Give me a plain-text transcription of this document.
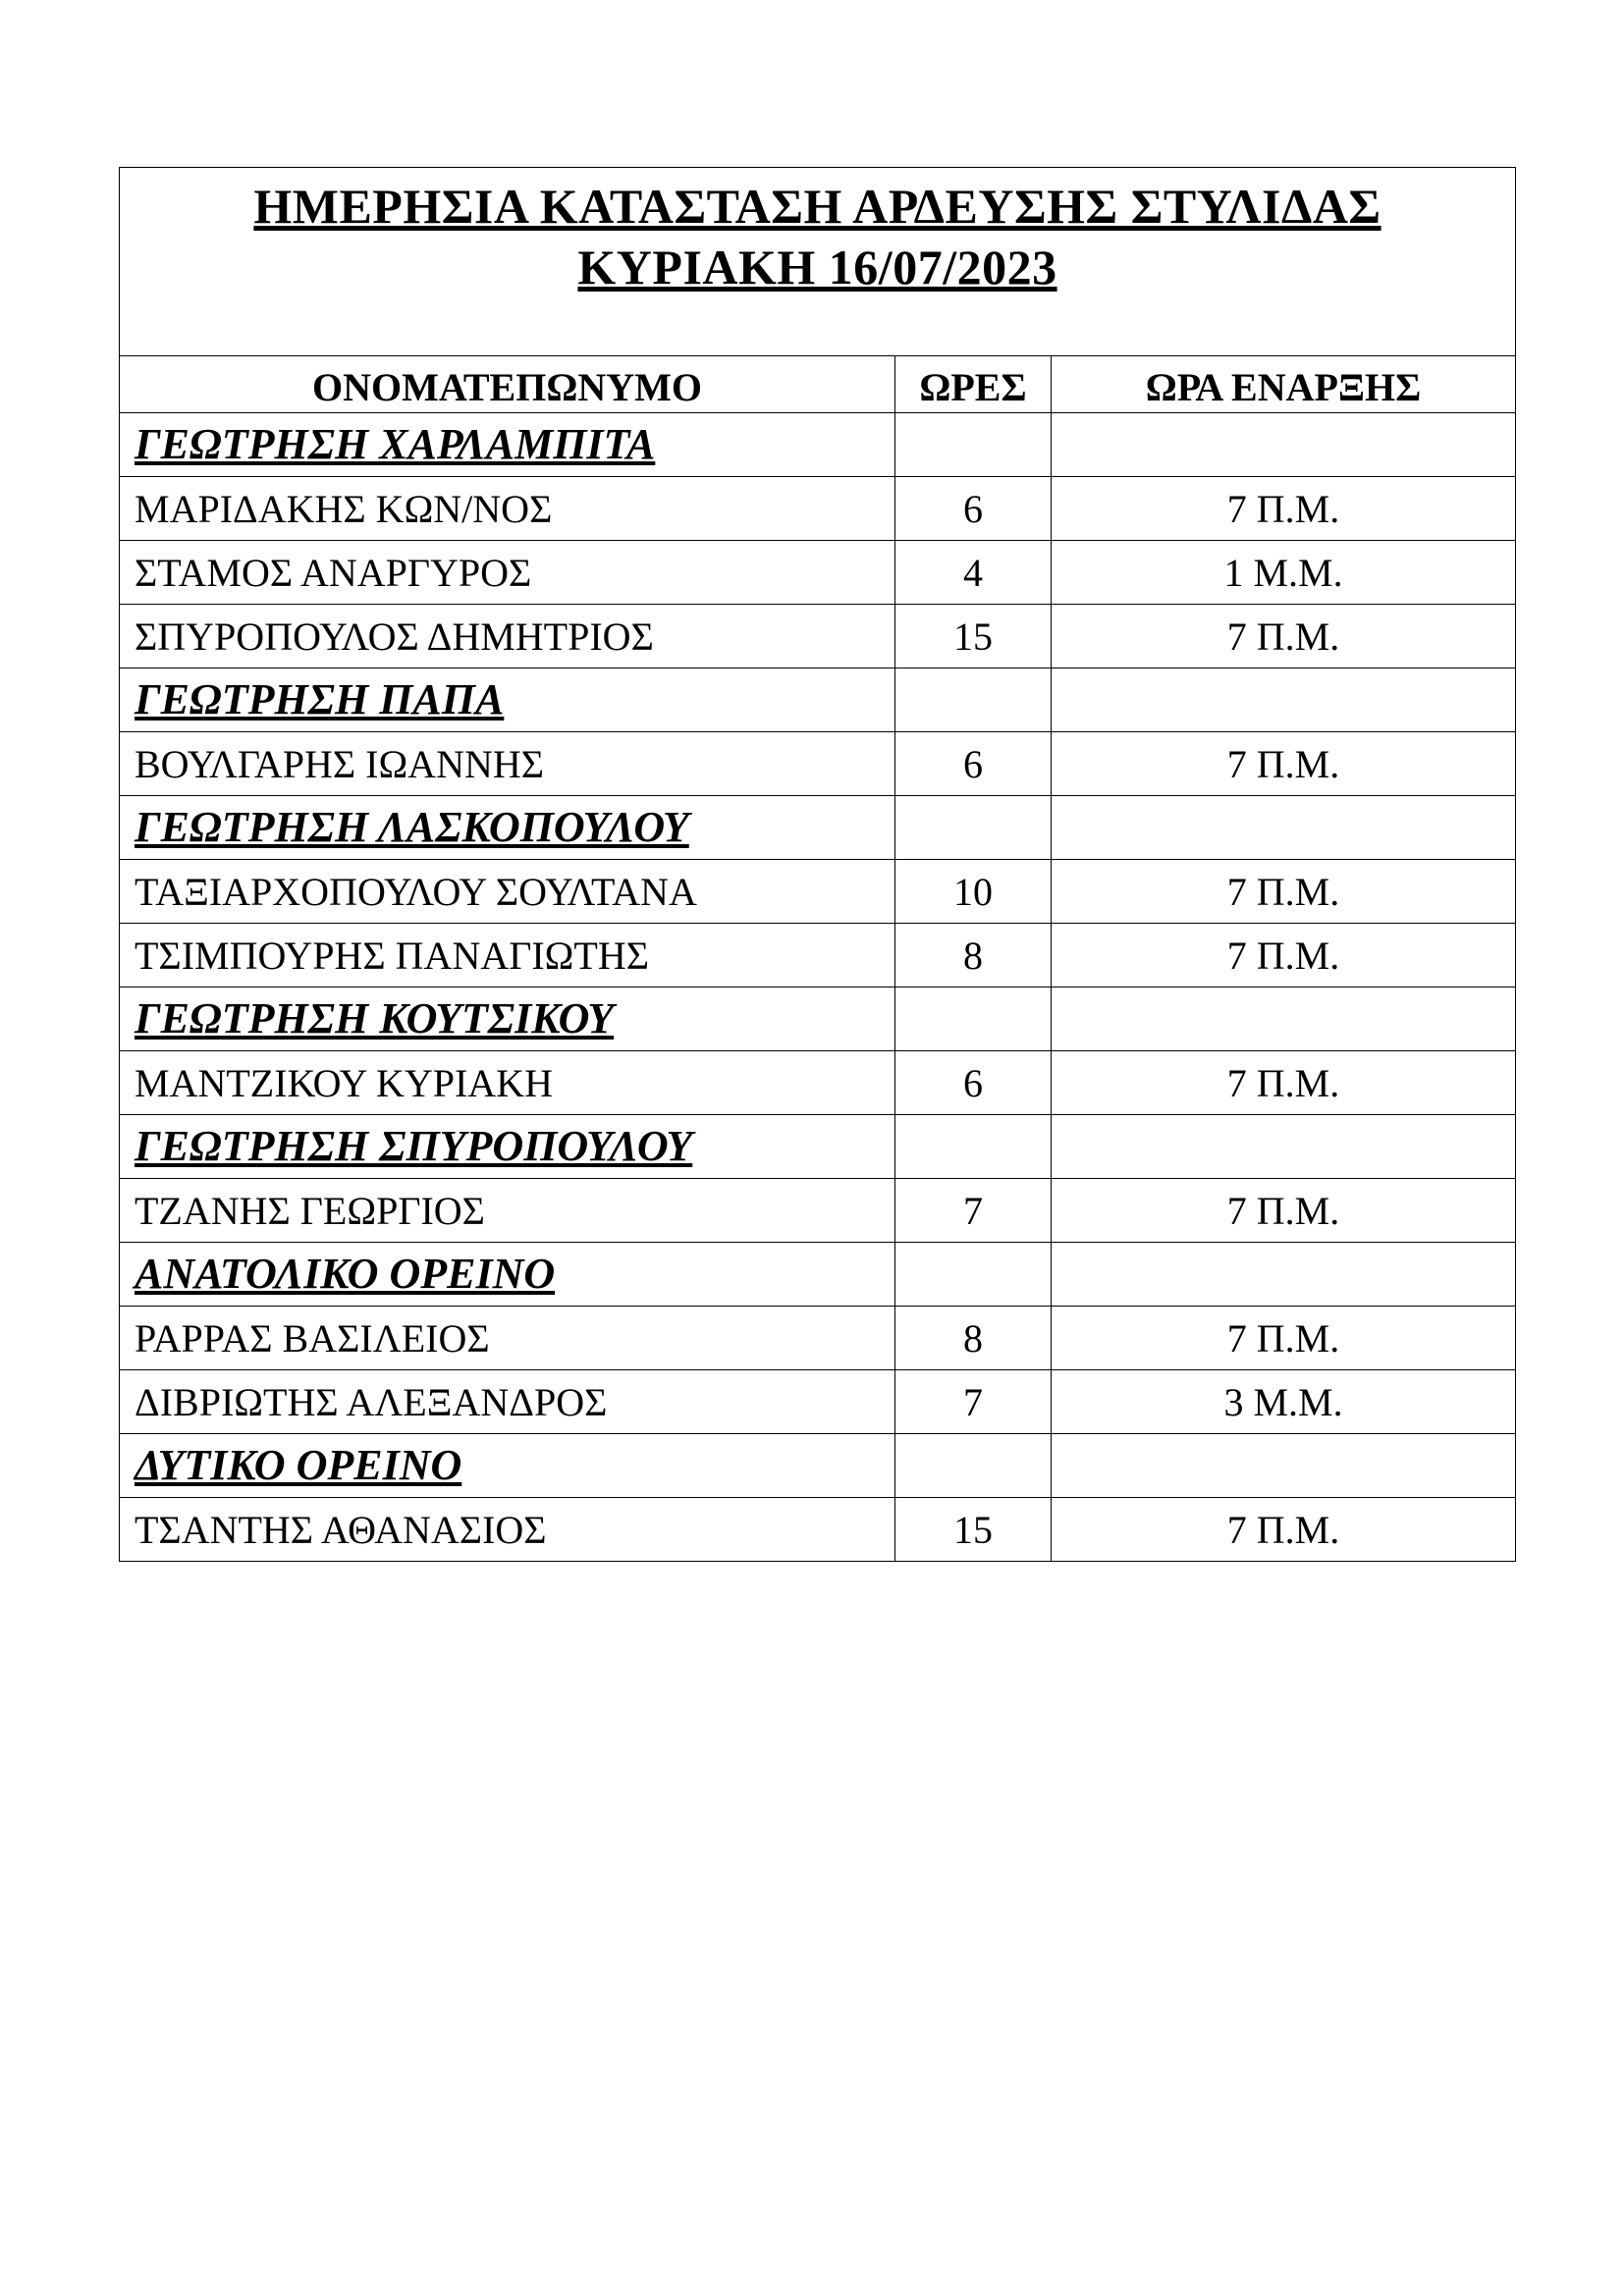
ΗΜΕΡΗΣΙΑ ΚΑΤΑΣΤΑΣΗ ΑΡΔΕΥΣΗΣ ΣΤΥΛΙΔΑΣ
ΚΥΡΙΑΚΗ 16/07/2023		

ΟΝΟΜΑΤΕΠΩΝΥΜΟ	ΩΡΕΣ	ΩΡΑ ΕΝΑΡΞΗΣ
ΓΕΩΤΡΗΣΗ ΧΑΡΛΑΜΠΙΤΑ		
ΜΑΡΙΔΑΚΗΣ ΚΩΝ/ΝΟΣ	6	7 Π.Μ.
ΣΤΑΜΟΣ ΑΝΑΡΓΥΡΟΣ	4	1 Μ.Μ.
ΣΠΥΡΟΠΟΥΛΟΣ ΔΗΜΗΤΡΙΟΣ	15	7 Π.Μ.
ΓΕΩΤΡΗΣΗ ΠΑΠΑ		
ΒΟΥΛΓΑΡΗΣ ΙΩΑΝΝΗΣ	6	7 Π.Μ.
ΓΕΩΤΡΗΣΗ ΛΑΣΚΟΠΟΥΛΟΥ		
ΤΑΞΙΑΡΧΟΠΟΥΛΟΥ ΣΟΥΛΤΑΝΑ	10	7 Π.Μ.
ΤΣΙΜΠΟΥΡΗΣ ΠΑΝΑΓΙΩΤΗΣ	8	7 Π.Μ.
ΓΕΩΤΡΗΣΗ ΚΟΥΤΣΙΚΟΥ		
ΜΑΝΤΖΙΚΟΥ ΚΥΡΙΑΚΗ	6	7 Π.Μ.
ΓΕΩΤΡΗΣΗ ΣΠΥΡΟΠΟΥΛΟΥ		
ΤΖΑΝΗΣ ΓΕΩΡΓΙΟΣ	7	7 Π.Μ.
ΑΝΑΤΟΛΙΚΟ ΟΡΕΙΝΟ		
ΡΑΡΡΑΣ ΒΑΣΙΛΕΙΟΣ	8	7 Π.Μ.
ΔΙΒΡΙΩΤΗΣ ΑΛΕΞΑΝΔΡΟΣ	7	3 Μ.Μ.
ΔΥΤΙΚΟ ΟΡΕΙΝΟ		
ΤΣΑΝΤΗΣ ΑΘΑΝΑΣΙΟΣ	15	7 Π.Μ.
